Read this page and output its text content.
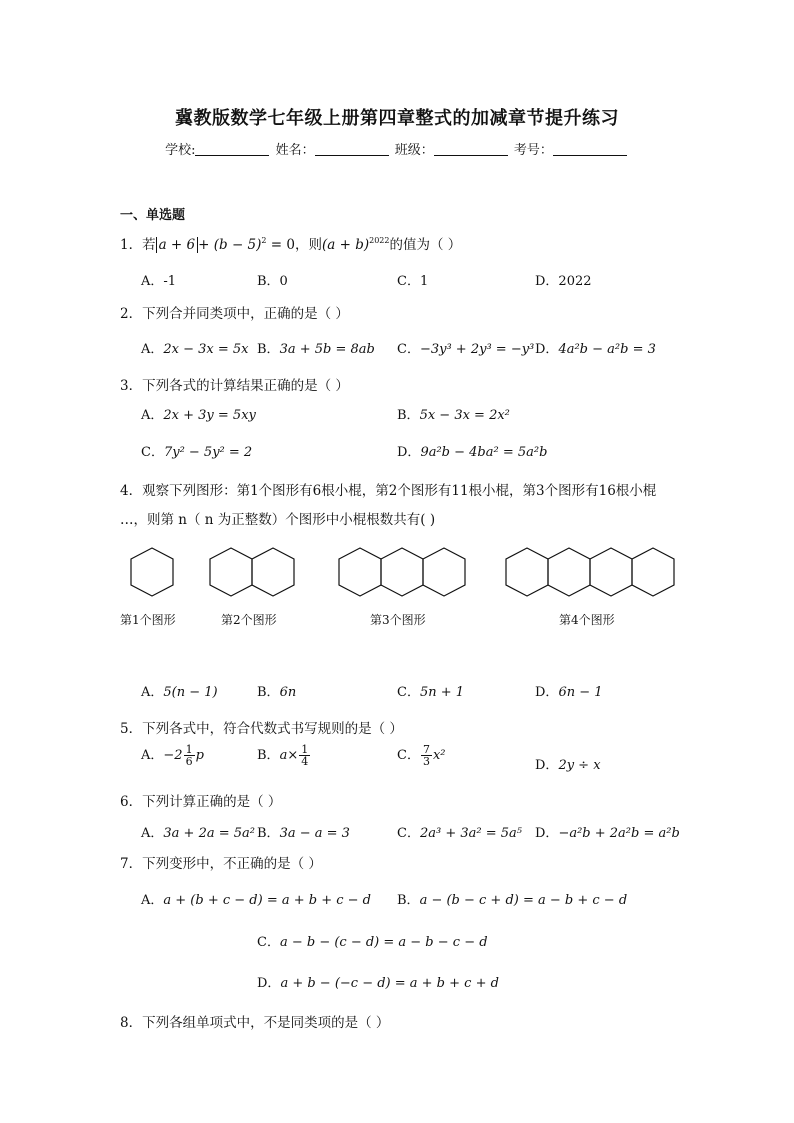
冀教版数学七年级上册第四章整式的加减章节提升练习
学校:	姓名：	班级：	考号：
一、单选题
1．若 $a + 6 + (b - 5)^2 = 0$，则$(a + b)^{2022}$的值为（ ）
A．-1	B．0	C．1	D．2022
2．下列合并同类项中，正确的是（ ）
A．2x − 3x = 5x B．3a + 5b = 8ab C．−3y³ + 2y³ = −y³ D．4a²b − a²b = 3
3．下列各式的计算结果正确的是（ ）
A．2x + 3y = 5xy	B．5x − 3x = 2x²
C．7y² − 5y² = 2	D．9a²b − 4ba² = 5a²b
4．观察下列图形：第1个图形有6根小棍，第2个图形有11根小棍，第3个图形有16根小棍
…，则第 n（ n 为正整数）个图形中小棍根数共有( )
第1个图形	第2个图形	第3个图形	第4个图形
A．5(n − 1)	B．6n	C．5n + 1	D．6n − 1
5．下列各式中，符合代数式书写规则的是（ ）
A．$-2 \frac{1}{6}$ p	B．$a\times \frac{1}{4}$	C． $\frac{7}{3} x^2$
D．2y ÷ x
6．下列计算正确的是（ ）
A．3a + 2a = 5a² B．3a − a = 3	C．2a³ + 3a² = 5a⁵ D．−a²b + 2a²b = a²b
7．下列变形中，不正确的是（ ）
A．a + (b + c − d) = a + b + c − d B．a − (b − c + d) = a − b + c − d
C．a − b − (c − d) = a − b − c − d
D．a + b − (−c − d) = a + b + c + d
8．下列各组单项式中，不是同类项的是（ ）
